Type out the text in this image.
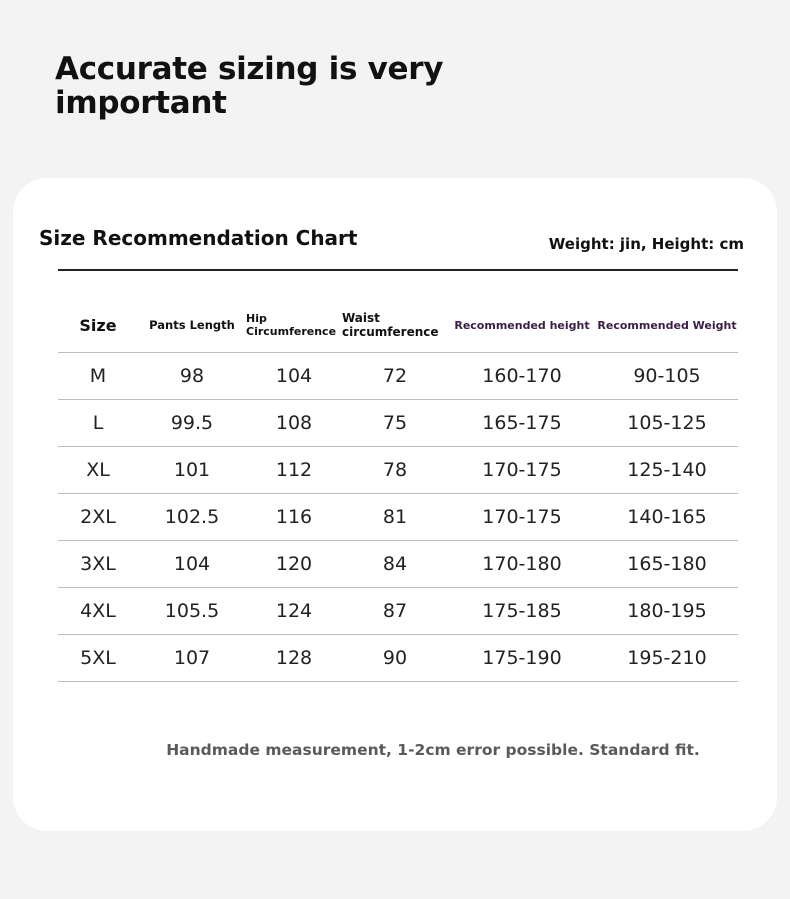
Accurate sizing is very important
Size Recommendation Chart	Weight: jin, Height: cm

Size	Pants Length	Hip Circumference	Waist circumference	Recommended height	Recommended Weight
M	98	104	72	160-170	90-105
L	99.5	108	75	165-175	105-125
XL	101	112	78	170-175	125-140
2XL	102.5	116	81	170-175	140-165
3XL	104	120	84	170-180	165-180
4XL	105.5	124	87	175-185	180-195
5XL	107	128	90	175-190	195-210

Handmade measurement, 1-2cm error possible. Standard fit.
